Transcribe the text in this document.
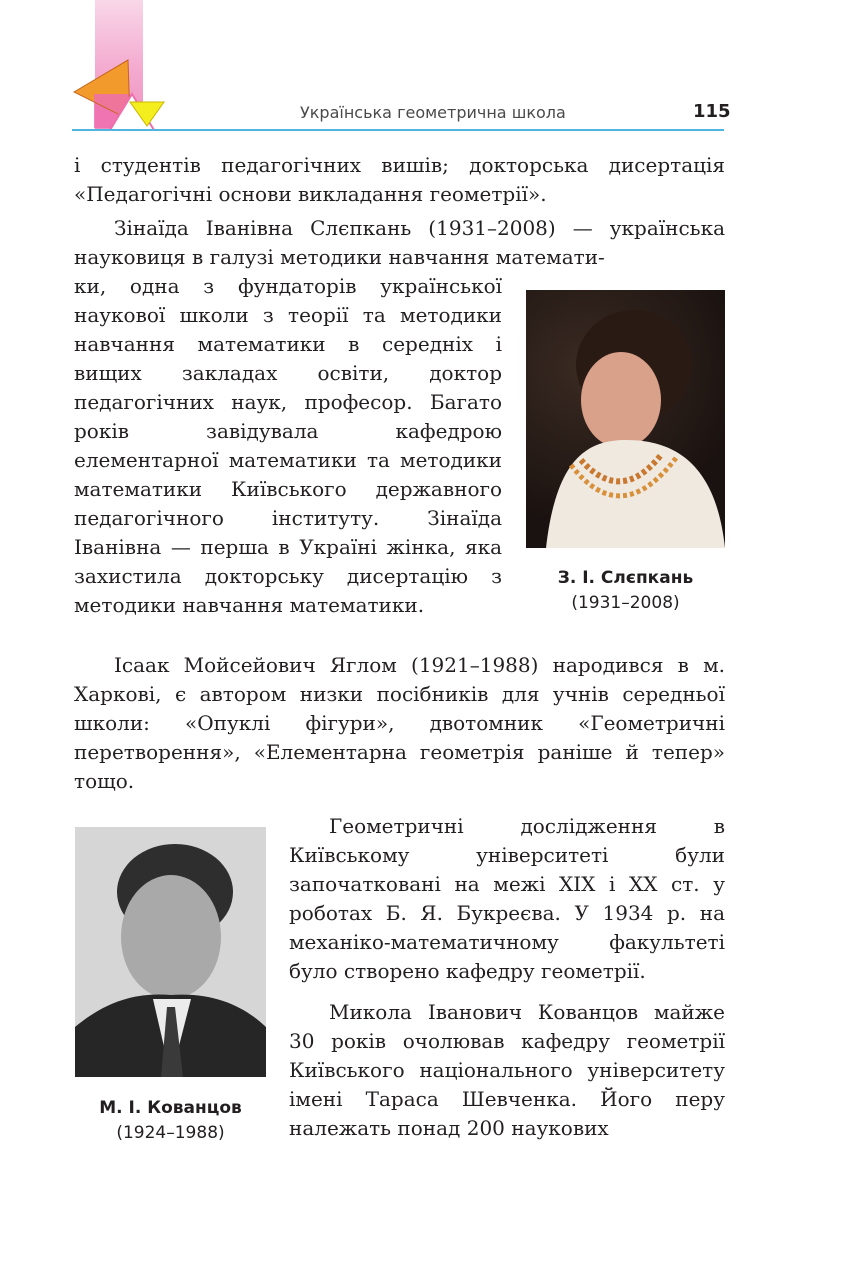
Українська геометрична школа	115

і студентів педагогічних вишів; докторська дисертація «Педагогічні основи викладання геометрії».

Зінаїда Іванівна Слєпкань (1931–2008) — українська науковиця в галузі методики навчання математи-

ки, одна з фундаторів української наукової школи з теорії та методики навчання математики в середніх і вищих закладах освіти, доктор педагогічних наук, професор. Багато років завідувала кафедрою елементарної математики та методики математики Київського державного педагогічного інституту. Зінаїда Іванівна — перша в Україні жінка, яка захистила докторську дисертацію з методики навчання математики.

З. І. Слєпкань
(1931–2008)

Ісаак Мойсейович Яглом (1921–1988) народився в м. Харкові, є автором низки посібників для учнів середньої школи: «Опуклі фігури», двотомник «Геометричні перетворення», «Елементарна геометрія раніше й тепер» тощо.

М. І. Кованцов
(1924–1988)

Геометричні дослідження в Київському університеті були започатковані на межі XIX і XX ст. у роботах Б. Я. Букреєва. У 1934 р. на механіко-математичному факультеті було створено кафедру геометрії.

Микола Іванович Кованцов майже 30 років очолював кафедру геометрії Київського національного університету імені Тараса Шевченка. Його перу належать понад 200 наукових
